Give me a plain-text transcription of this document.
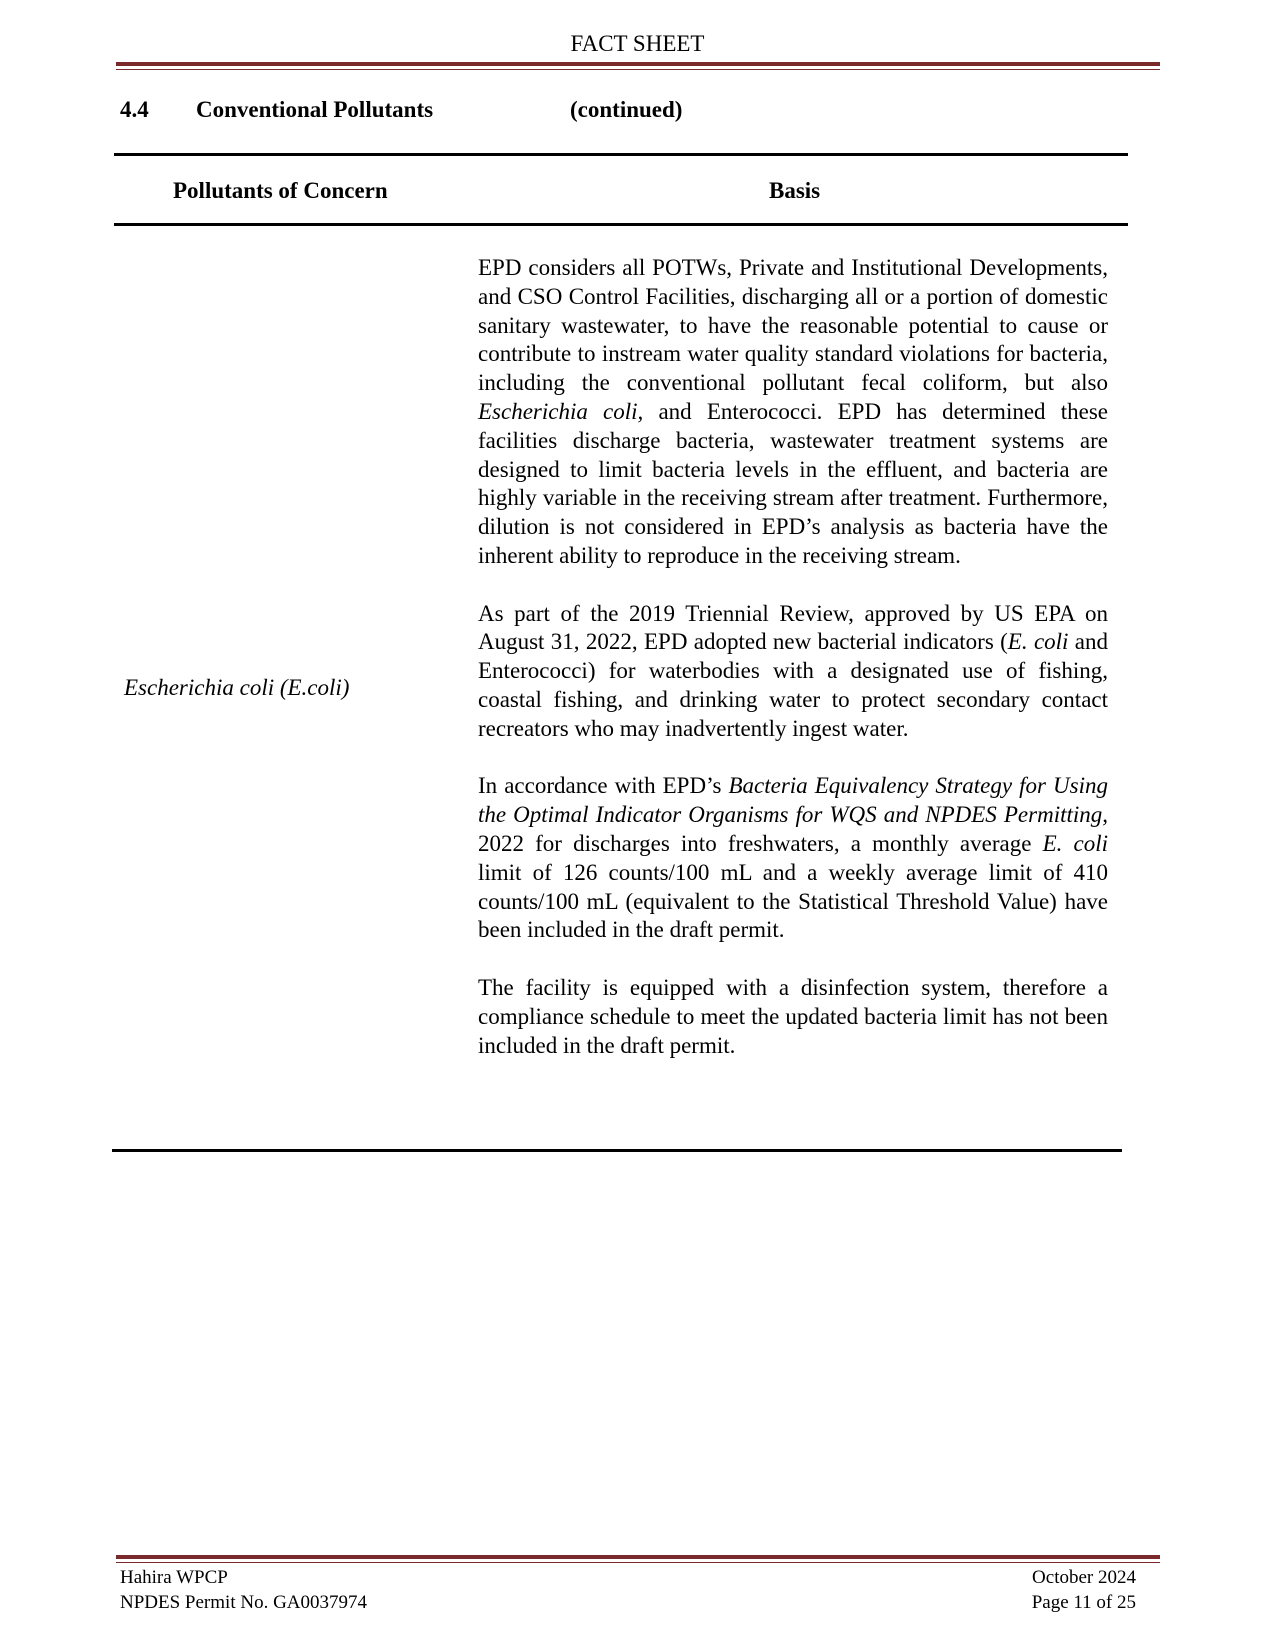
FACT SHEET
4.4 Conventional Pollutants	(continued)
Pollutants of Concern	Basis
Escherichia coli (E.coli)

EPD considers all POTWs, Private and Institutional Developments, and CSO Control Facilities, discharging all or a portion of domestic sanitary wastewater, to have the reasonable potential to cause or contribute to instream water quality standard violations for bacteria, including the conventional pollutant fecal coliform, but also Escherichia coli, and Enterococci. EPD has determined these facilities discharge bacteria, wastewater treatment systems are designed to limit bacteria levels in the effluent, and bacteria are highly variable in the receiving stream after treatment. Furthermore, dilution is not considered in EPD’s analysis as bacteria have the inherent ability to reproduce in the receiving stream.

As part of the 2019 Triennial Review, approved by US EPA on August 31, 2022, EPD adopted new bacterial indicators (E. coli and Enterococci) for waterbodies with a designated use of fishing, coastal fishing, and drinking water to protect secondary contact recreators who may inadvertently ingest water.

In accordance with EPD’s Bacteria Equivalency Strategy for Using the Optimal Indicator Organisms for WQS and NPDES Permitting, 2022 for discharges into freshwaters, a monthly average E. coli limit of 126 counts/100 mL and a weekly average limit of 410 counts/100 mL (equivalent to the Statistical Threshold Value) have been included in the draft permit.

The facility is equipped with a disinfection system, therefore a compliance schedule to meet the updated bacteria limit has not been included in the draft permit.

Hahira WPCP
NPDES Permit No. GA0037974
October 2024
Page 11 of 25
